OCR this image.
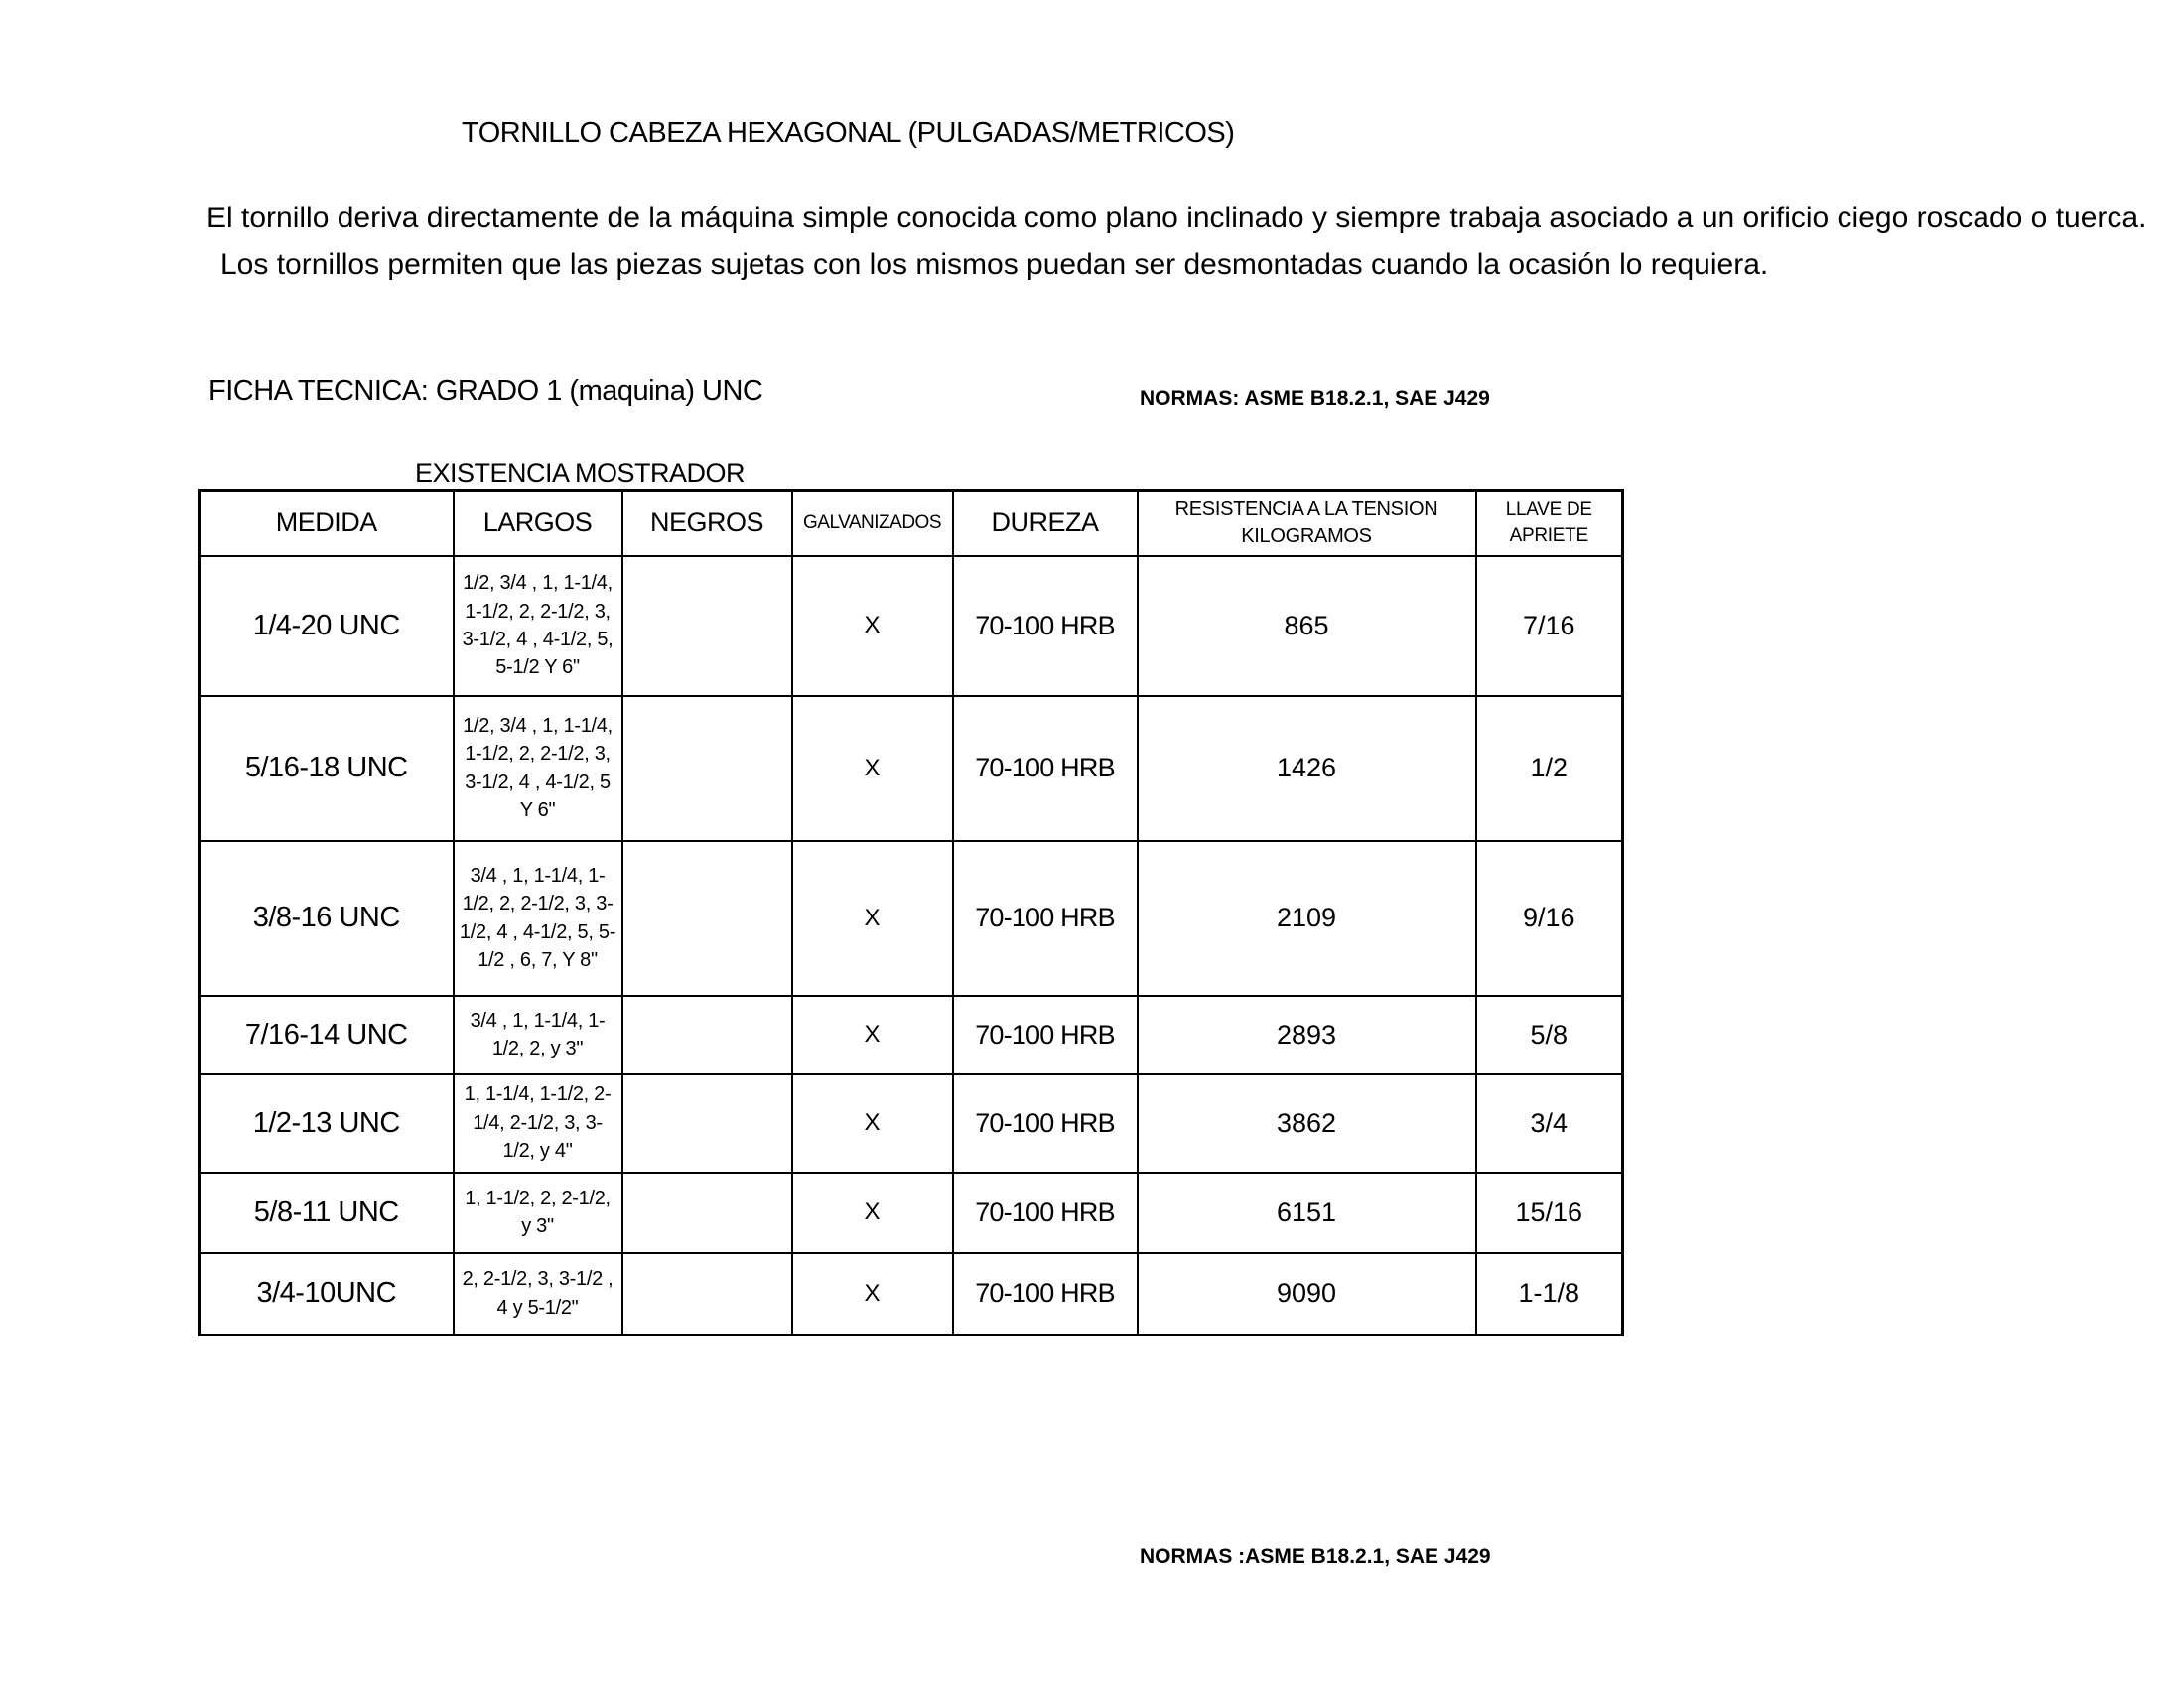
TORNILLO CABEZA HEXAGONAL (PULGADAS/METRICOS)
El tornillo deriva directamente de la máquina simple conocida como plano inclinado y siempre trabaja asociado a un orificio ciego roscado o tuerca.
Los tornillos permiten que las piezas sujetas con los mismos puedan ser desmontadas cuando la ocasión lo requiera.
FICHA TECNICA: GRADO 1 (maquina) UNC	NORMAS: ASME B18.2.1, SAE J429
EXISTENCIA MOSTRADOR
MEDIDA	LARGOS	NEGROS	GALVANIZADOS	DUREZA	RESISTENCIA A LA TENSION KILOGRAMOS	LLAVE DE APRIETE
1/4-20 UNC	1/2, 3/4 , 1, 1-1/4, 1-1/2, 2, 2-1/2, 3, 3-1/2, 4 , 4-1/2, 5, 5-1/2 Y 6"		X	70-100 HRB	865	7/16
5/16-18 UNC	1/2, 3/4 , 1, 1-1/4, 1-1/2, 2, 2-1/2, 3, 3-1/2, 4 , 4-1/2, 5 Y 6"		X	70-100 HRB	1426	1/2
3/8-16 UNC	3/4 , 1, 1-1/4, 1-1/2, 2, 2-1/2, 3, 3-1/2, 4 , 4-1/2, 5, 5-1/2 , 6, 7, Y 8"		X	70-100 HRB	2109	9/16
7/16-14 UNC	3/4 , 1, 1-1/4, 1-1/2, 2, y 3"		X	70-100 HRB	2893	5/8
1/2-13 UNC	1, 1-1/4, 1-1/2, 2-1/4, 2-1/2, 3, 3-1/2, y 4"		X	70-100 HRB	3862	3/4
5/8-11 UNC	1, 1-1/2, 2, 2-1/2, y 3"		X	70-100 HRB	6151	15/16
3/4-10UNC	2, 2-1/2, 3, 3-1/2 , 4 y 5-1/2"		X	70-100 HRB	9090	1-1/8
NORMAS :ASME B18.2.1, SAE J429
